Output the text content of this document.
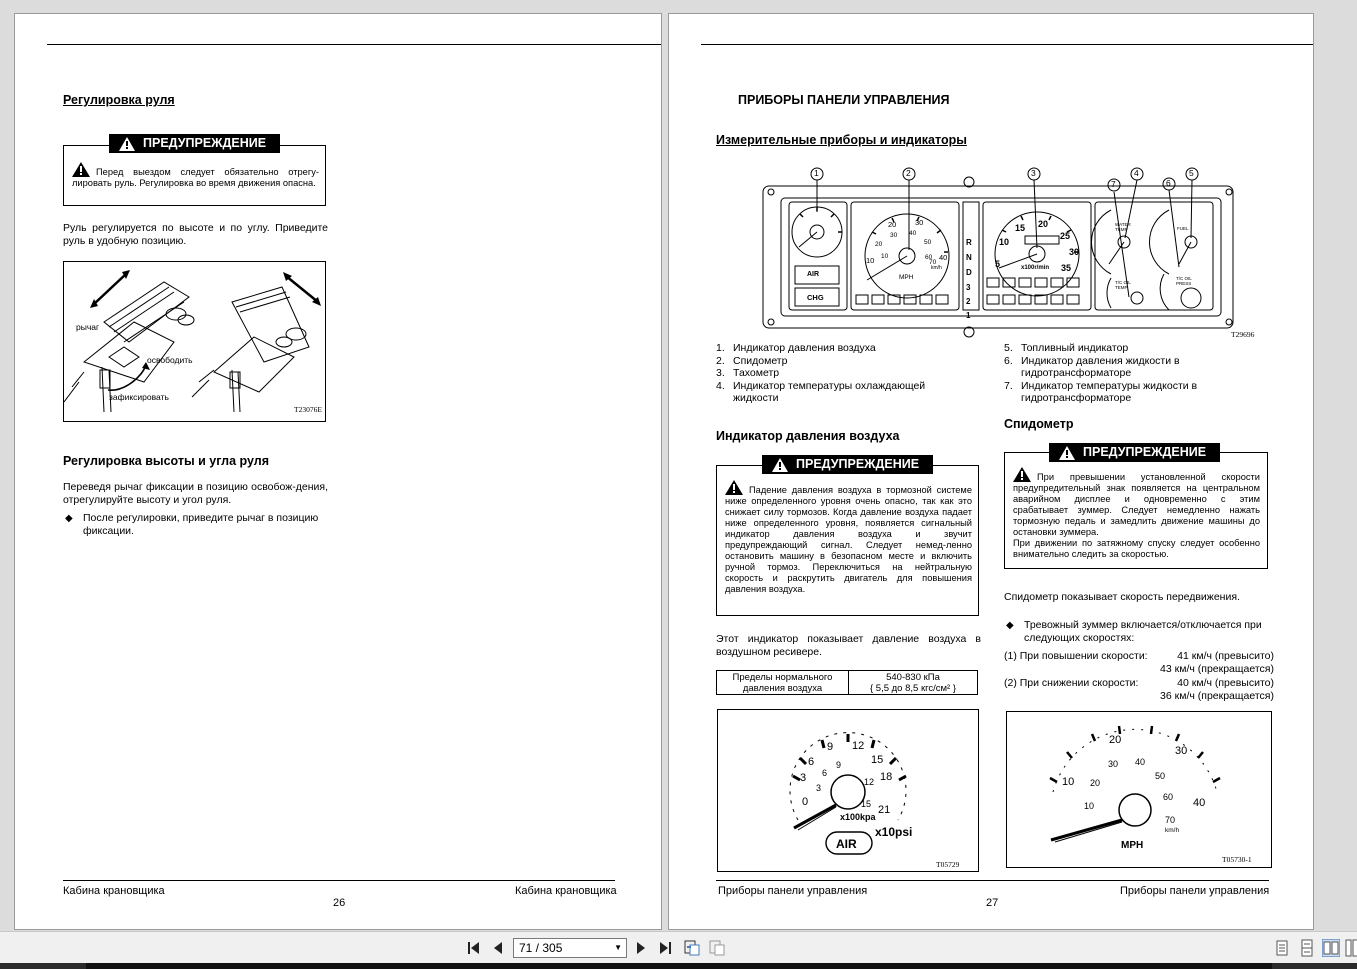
Регулировка руля
Перед выездом следует обязательно отрегу-лировать руль. Регулировка во время движения опасна.
ПРЕДУПРЕЖДЕНИЕ
Руль регулируется по высоте и по углу. Приведите руль в удобную позицию.
рычаг
освободить
зафиксировать
T23076E
Регулировка высоты и угла руля
Переведя рычаг фиксации в позицию освобож-дения, отрегулируйте высоту и угол руля.
◆ После регулировки, приведите рычаг в позицию фиксации.
Кабина крановщика	Кабина крановщика
26
ПРИБОРЫ ПАНЕЛИ УПРАВЛЕНИЯ
Измерительные приборы и индикаторы
1	2	3	4	5
6
7
R
N
D
3
2
1
AIR
CHG
MPH
km/h	x100r/min
WATER TEMP	FUEL
T/C OIL TEMP
T/C OIL PRESS
10
20
30 40
50
60
70
10
20 30
40
5
10
15 20
25
30
35
T29696
1. Индикатор давления воздуха
2. Спидометр
3. Тахометр
4. Индикатор температуры охлаждающей жидкости
5. Топливный индикатор
6. Индикатор давления жидкости в гидротрансформаторе
7. Индикатор температуры жидкости в гидротрансформаторе
Индикатор давления воздуха
Падение давления воздуха в тормозной системе ниже определенного уровня очень опасно, так как это снижает силу тормозов. Когда давление воздуха падает ниже определенного уровня, появляется сигнальный индикатор давления воздуха и звучит предупреждающий сигнал. Следует немед-ленно остановить машину в безопасном месте и включить ручной тормоз. Переключиться на нейтральную скорость и раскрутить двигатель для повышения давления воздуха.
ПРЕДУПРЕЖДЕНИЕ
Этот индикатор показывает давление воздуха в воздушном ресивере.
Пределы нормального давления воздуха	
540-830 кПа
{ 5,5 до 8,5 кгс/см² }
0
3
6
9 12
15
18
21
3
6
9
12
15
x100kpa
AIR
x10psi
T05729
Спидометр
При превышении установленной скорости предупредительный знак появляется на центральном аварийном дисплее и одновременно с этим срабатывает зуммер. Следует немедленно нажать тормозную педаль и замедлить движение машины до остановки зуммера.
При движении по затяжному спуску следует особенно внимательно следить за скоростью.
ПРЕДУПРЕЖДЕНИЕ
Спидометр показывает скорость передвижения.
◆ Тревожный зуммер включается/отключается при следующих скоростях:
(1) При повышении скорости:	41 км/ч (превысито)
43 км/ч (прекращается)
(2) При снижении скорости:	40 км/ч (превысито)
36 км/ч (прекращается)
10
20
30
40
10
20
30 40
50
60
70
km/h
MPH
T05730-1
Приборы панели управления	Приборы панели управления
27
71 / 305	▼
